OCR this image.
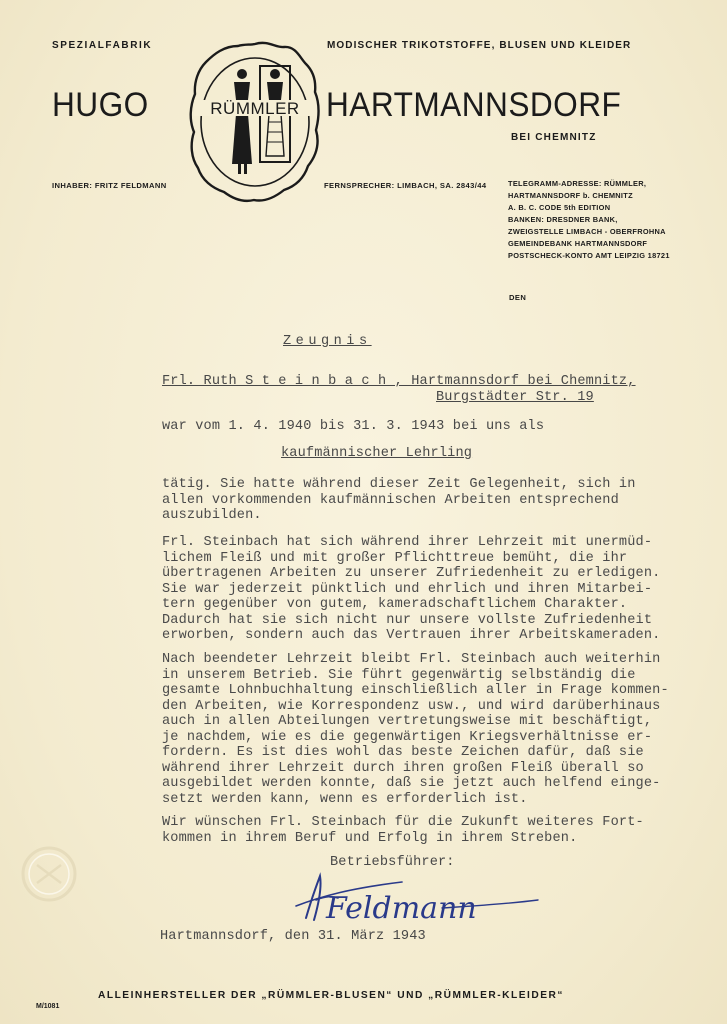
SPEZIALFABRIK	MODISCHER TRIKOTSTOFFE, BLUSEN UND KLEIDER
HUGO	HARTMANNSDORF
BEI CHEMNITZ
RÜMMLER
INHABER: FRITZ FELDMANN	FERNSPRECHER: LIMBACH, SA. 2843/44	TELEGRAMM-ADRESSE: RÜMMLER,
HARTMANNSDORF b. CHEMNITZ
A. B. C. CODE 5th EDITION
BANKEN: DRESDNER BANK,
ZWEIGSTELLE LIMBACH - OBERFROHNA
GEMEINDEBANK HARTMANNSDORF
POSTSCHECK-KONTO AMT LEIPZIG 18721
DEN
Zeugnis
Frl. Ruth S t e i n b a c h , Hartmannsdorf bei Chemnitz,
Burgstädter Str. 19
war vom 1. 4. 1940 bis 31. 3. 1943 bei uns als
kaufmännischer Lehrling
tätig. Sie hatte während dieser Zeit Gelegenheit, sich in
allen vorkommenden kaufmännischen Arbeiten entsprechend
auszubilden.
Frl. Steinbach hat sich während ihrer Lehrzeit mit unermüd-
lichem Fleiß und mit großer Pflichttreue bemüht, die ihr
übertragenen Arbeiten zu unserer Zufriedenheit zu erledigen.
Sie war jederzeit pünktlich und ehrlich und ihren Mitarbei-
tern gegenüber von gutem, kameradschaftlichem Charakter.
Dadurch hat sie sich nicht nur unsere vollste Zufriedenheit
erworben, sondern auch das Vertrauen ihrer Arbeitskameraden.
Nach beendeter Lehrzeit bleibt Frl. Steinbach auch weiterhin
in unserem Betrieb. Sie führt gegenwärtig selbständig die
gesamte Lohnbuchhaltung einschließlich aller in Frage kommen-
den Arbeiten, wie Korrespondenz usw., und wird darüberhinaus
auch in allen Abteilungen vertretungsweise mit beschäftigt,
je nachdem, wie es die gegenwärtigen Kriegsverhältnisse er-
fordern. Es ist dies wohl das beste Zeichen dafür, daß sie
während ihrer Lehrzeit durch ihren großen Fleiß überall so
ausgebildet werden konnte, daß sie jetzt auch helfend einge-
setzt werden kann, wenn es erforderlich ist.
Wir wünschen Frl. Steinbach für die Zukunft weiteres Fort-
kommen in ihrem Beruf und Erfolg in ihrem Streben.
Betriebsführer:
Feldmann
Hartmannsdorf, den 31. März 1943
ALLEINHERSTELLER DER „RÜMMLER-BLUSEN“ UND „RÜMMLER-KLEIDER“
M/1081
